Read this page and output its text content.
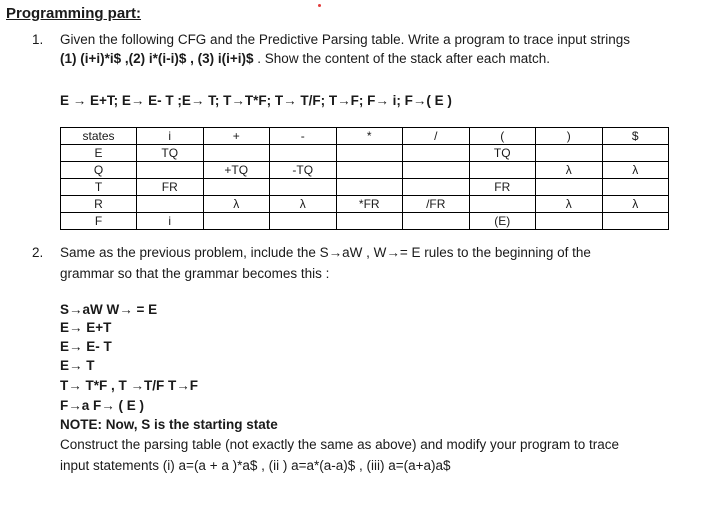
Programming part:
1. Given the following CFG and the Predictive Parsing table. Write a program to trace input strings
(1) (i+i)*i$ ,(2) i*(i-i)$ , (3) i(i+i)$ . Show the content of the stack after each match.
E → E+T; E→ E- T ;E→ T; T→T*F; T→ T/F; T→F; F→ i; F→( E )
states	i	+	-	*	/	(	)	$
E	TQ					TQ		
Q		+TQ	-TQ				λ	λ
T	FR					FR		
R		λ	λ	*FR	/FR		λ	λ
F	i					(E)		
2. Same as the previous problem, include the S→aW , W→= E rules to the beginning of the
grammar so that the grammar becomes this :
S→aW W→ = E
E→ E+T
E→ E- T
E→ T
T→ T*F , T →T/F T→F
F→a F→ ( E )
NOTE: Now, S is the starting state
Construct the parsing table (not exactly the same as above) and modify your program to trace
input statements (i) a=(a + a )*a$ , (ii ) a=a*(a-a)$ , (iii) a=(a+a)a$
